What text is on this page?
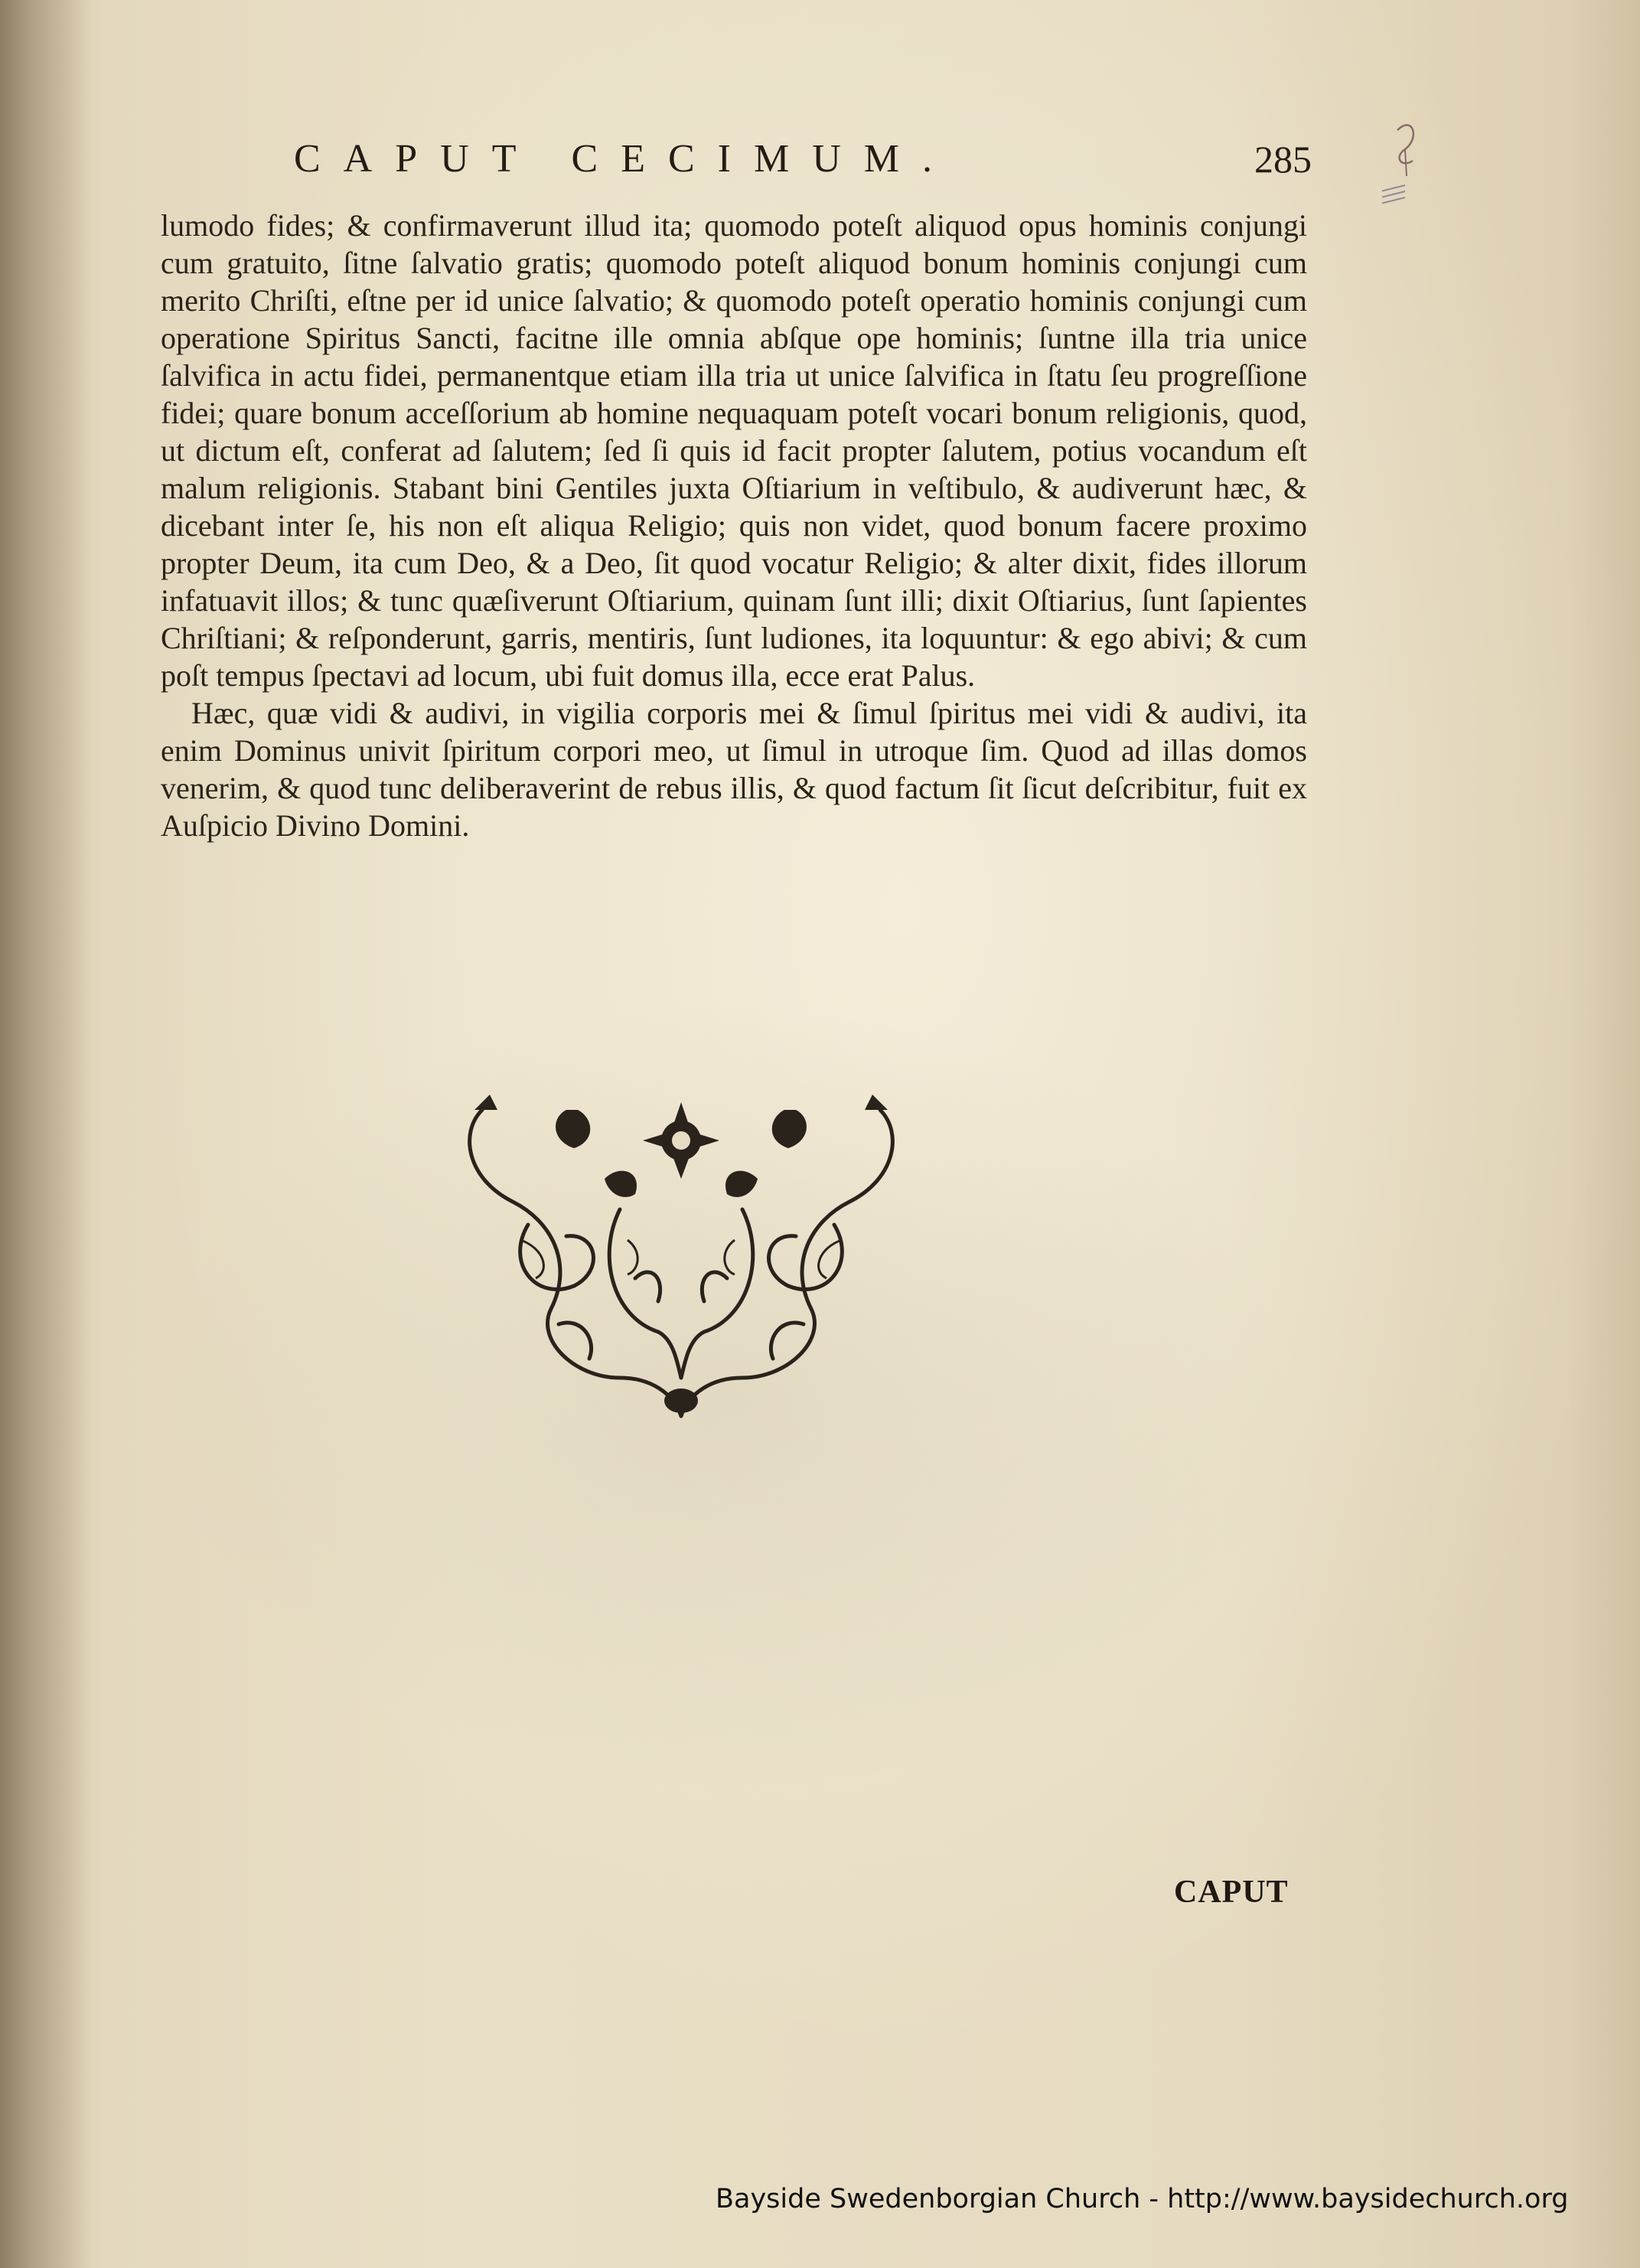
CAPUT CECIMUM.	285

lumodo fides; & confirmaverunt illud ita; quomodo poteſt aliquod opus hominis conjungi cum gratuito, ſitne ſalvatio gratis; quomodo poteſt aliquod bonum hominis conjungi cum merito Chriſti, eſtne per id unice ſalvatio; & quomodo poteſt operatio hominis conjungi cum operatione Spiritus Sancti, facitne ille omnia abſque ope hominis; ſuntne illa tria unice ſalvifica in actu fidei, permanentque etiam illa tria ut unice ſalvifica in ſtatu ſeu progreſſione fidei; quare bonum acceſſorium ab homine nequaquam poteſt vocari bonum religionis, quod, ut dictum eſt, conferat ad ſalutem; ſed ſi quis id facit propter ſalutem, potius vocandum eſt malum religionis. Stabant bini Gentiles juxta Oſtiarium in veſtibulo, & audiverunt hæc, & dicebant inter ſe, his non eſt aliqua Religio; quis non videt, quod bonum facere proximo propter Deum, ita cum Deo, & a Deo, ſit quod vocatur Religio; & alter dixit, fides illorum infatuavit illos; & tunc quæſiverunt Oſtiarium, quinam ſunt illi; dixit Oſtiarius, ſunt ſapientes Chriſtiani; & reſponderunt, garris, mentiris, ſunt ludiones, ita loquuntur: & ego abivi; & cum poſt tempus ſpectavi ad locum, ubi fuit domus illa, ecce erat Palus.

Hæc, quæ vidi & audivi, in vigilia corporis mei & ſimul ſpiritus mei vidi & audivi, ita enim Dominus univit ſpiritum corpori meo, ut ſimul in utroque ſim. Quod ad illas domos venerim, & quod tunc deliberaverint de rebus illis, & quod factum ſit ſicut deſcribitur, fuit ex Auſpicio Divino Domini.

CAPUT
Bayside Swedenborgian Church - http://www.baysidechurch.org
